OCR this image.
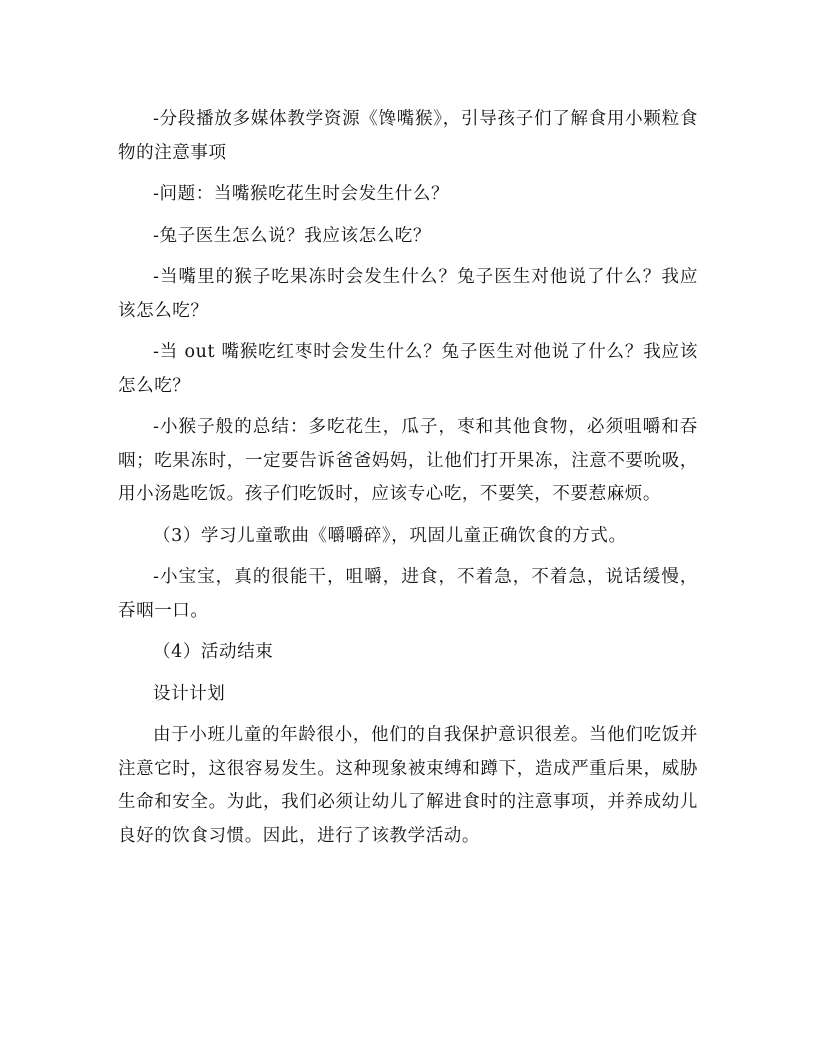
-分段播放多媒体教学资源《馋嘴猴》，引导孩子们了解食用小颗粒食物的注意事项

-问题：当嘴猴吃花生时会发生什么？

-兔子医生怎么说？我应该怎么吃？

-当嘴里的猴子吃果冻时会发生什么？兔子医生对他说了什么？我应该怎么吃？

-当 out 嘴猴吃红枣时会发生什么？兔子医生对他说了什么？我应该怎么吃？

-小猴子般的总结：多吃花生，瓜子，枣和其他食物，必须咀嚼和吞咽；吃果冻时，一定要告诉爸爸妈妈，让他们打开果冻，注意不要吮吸，用小汤匙吃饭。孩子们吃饭时，应该专心吃，不要笑，不要惹麻烦。

（3）学习儿童歌曲《嚼嚼碎》，巩固儿童正确饮食的方式。

-小宝宝，真的很能干，咀嚼，进食，不着急，不着急，说话缓慢，吞咽一口。

（4）活动结束

设计计划

由于小班儿童的年龄很小，他们的自我保护意识很差。当他们吃饭并注意它时，这很容易发生。这种现象被束缚和蹲下，造成严重后果，威胁生命和安全。为此，我们必须让幼儿了解进食时的注意事项，并养成幼儿良好的饮食习惯。因此，进行了该教学活动。
